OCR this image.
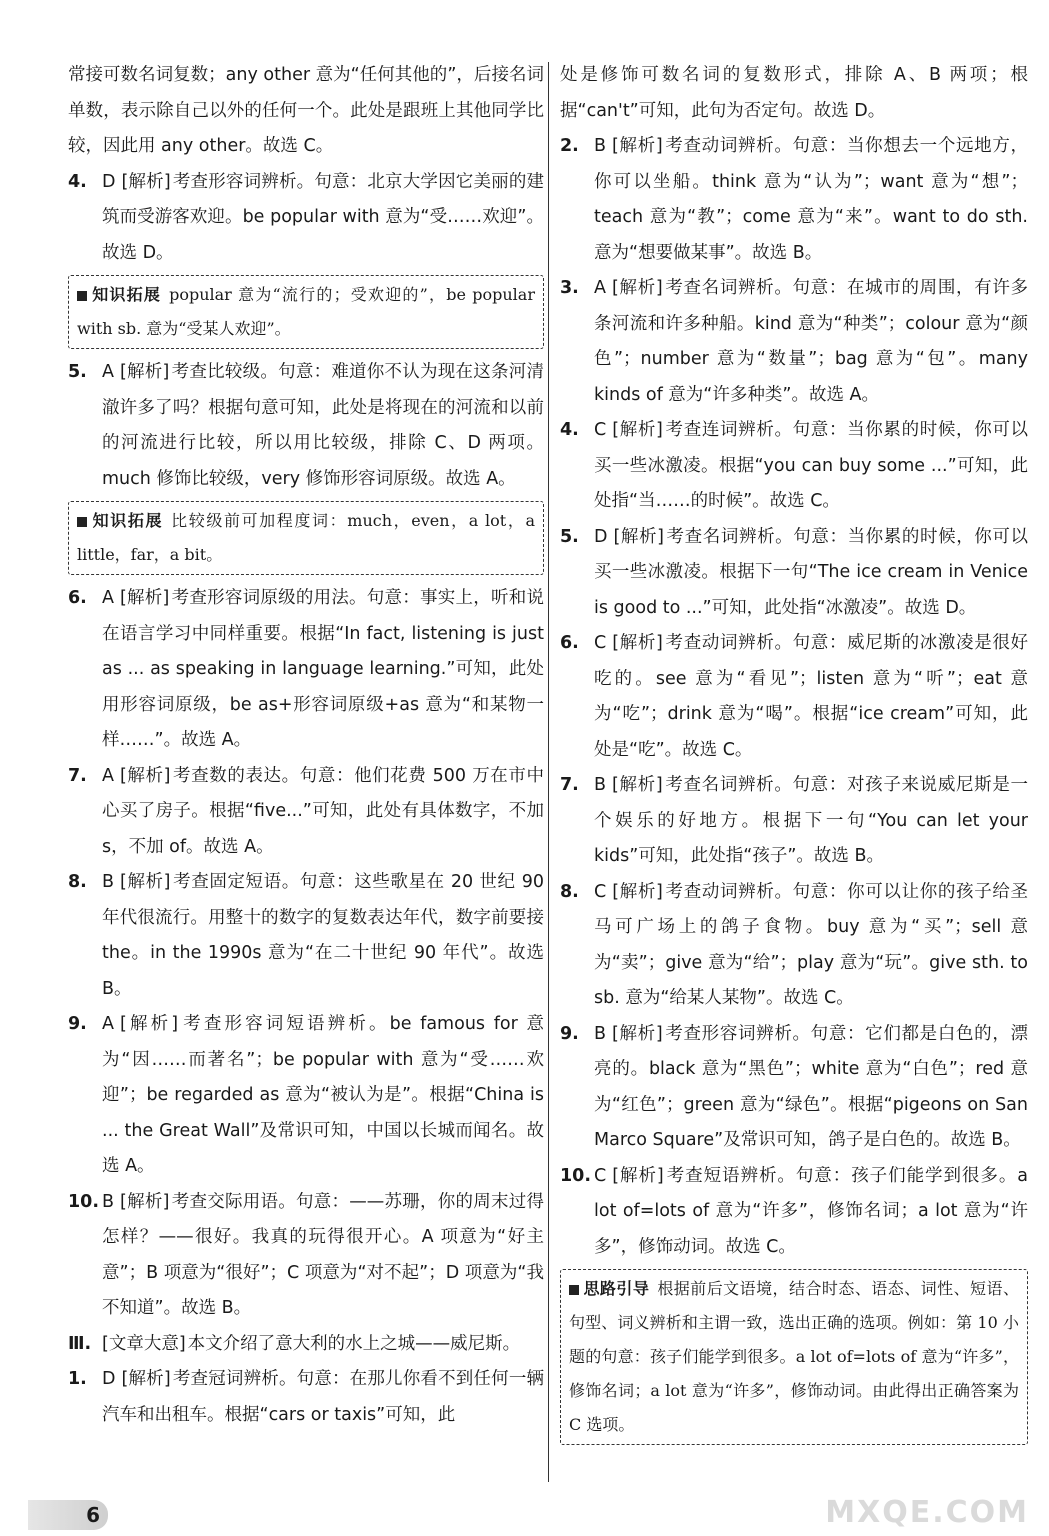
常接可数名词复数；any other 意为“任何其他的”，后接名词单数，表示除自己以外的任何一个。此处是跟班上其他同学比较，因此用 any other。故选 C。

4. D [ 解析 ] 考查形容词辨析。句意：北京大学因它美丽的建筑而受游客欢迎。be popular with 意为“受……欢迎”。故选 D。

知识拓展 popular 意为“流行的；受欢迎的”，be popular with sb. 意为“受某人欢迎”。

5. A [ 解析 ] 考查比较级。句意：难道你不认为现在这条河清澈许多了吗？根据句意可知，此处是将现在的河流和以前的河流进行比较，所以用比较级，排除 C、D 两项。much 修饰比较级，very 修饰形容词原级。故选 A。

知识拓展 比较级前可加程度词：much，even，a lot，a little，far，a bit。

6. A [ 解析 ] 考查形容词原级的用法。句意：事实上，听和说在语言学习中同样重要。根据“In fact, listening is just as ... as speaking in language learning.”可知，此处用形容词原级，be as+形容词原级+as 意为“和某物一样……”。故选 A。

7. A [ 解析 ] 考查数的表达。句意：他们花费 500 万在市中心买了房子。根据“five...”可知，此处有具体数字，不加 s，不加 of。故选 A。

8. B [ 解析 ] 考查固定短语。句意：这些歌星在 20 世纪 90 年代很流行。用整十的数字的复数表达年代，数字前要接 the。in the 1990s 意为“在二十世纪 90 年代”。故选 B。

9. A [ 解析 ] 考查形容词短语辨析。be famous for 意为“因……而著名”；be popular with 意为“受……欢迎”；be regarded as 意为“被认为是”。根据“China is ... the Great Wall”及常识可知，中国以长城而闻名。故选 A。

10. B [ 解析 ] 考查交际用语。句意：——苏珊，你的周末过得怎样？——很好。我真的玩得很开心。A 项意为“好主意”；B 项意为“很好”；C 项意为“对不起”；D 项意为“我不知道”。故选 B。

Ⅲ. [ 文章大意 ] 本文介绍了意大利的水上之城——威尼斯。

1. D [ 解析 ] 考查冠词辨析。句意：在那儿你看不到任何一辆汽车和出租车。根据“cars or taxis”可知，此

处是修饰可数名词的复数形式，排除 A、B 两项；根据“can't”可知，此句为否定句。故选 D。

2. B [ 解析 ] 考查动词辨析。句意：当你想去一个远地方，你可以坐船。think 意为“认为”；want 意为“想”；teach 意为“教”；come 意为“来”。want to do sth. 意为“想要做某事”。故选 B。

3. A [ 解析 ] 考查名词辨析。句意：在城市的周围，有许多条河流和许多种船。kind 意为“种类”；colour 意为“颜色”；number 意为“数量”；bag 意为“包”。many kinds of 意为“许多种类”。故选 A。

4. C [ 解析 ] 考查连词辨析。句意：当你累的时候，你可以买一些冰激凌。根据“you can buy some ...”可知，此处指“当……的时候”。故选 C。

5. D [ 解析 ] 考查名词辨析。句意：当你累的时候，你可以买一些冰激凌。根据下一句“The ice cream in Venice is good to ...”可知，此处指“冰激凌”。故选 D。

6. C [ 解析 ] 考查动词辨析。句意：威尼斯的冰激凌是很好吃的。see 意为“看见”；listen 意为“听”；eat 意为“吃”；drink 意为“喝”。根据“ice cream”可知，此处是“吃”。故选 C。

7. B [ 解析 ] 考查名词辨析。句意：对孩子来说威尼斯是一个娱乐的好地方。根据下一句“You can let your kids”可知，此处指“孩子”。故选 B。

8. C [ 解析 ] 考查动词辨析。句意：你可以让你的孩子给圣马可广场上的鸽子食物。buy 意为“买”；sell 意为“卖”；give 意为“给”；play 意为“玩”。give sth. to sb. 意为“给某人某物”。故选 C。

9. B [ 解析 ] 考查形容词辨析。句意：它们都是白色的，漂亮的。black 意为“黑色”；white 意为“白色”；red 意为“红色”；green 意为“绿色”。根据“pigeons on San Marco Square”及常识可知，鸽子是白色的。故选 B。

10. C [ 解析 ] 考查短语辨析。句意：孩子们能学到很多。a lot of=lots of 意为“许多”，修饰名词；a lot 意为“许多”，修饰动词。故选 C。

思路引导 根据前后文语境，结合时态、语态、词性、短语、句型、词义辨析和主谓一致，选出正确的选项。例如：第 10 小题的句意：孩子们能学到很多。a lot of=lots of 意为“许多”，修饰名词；a lot 意为“许多”，修饰动词。由此得出正确答案为 C 选项。
6	MXQE.COM
